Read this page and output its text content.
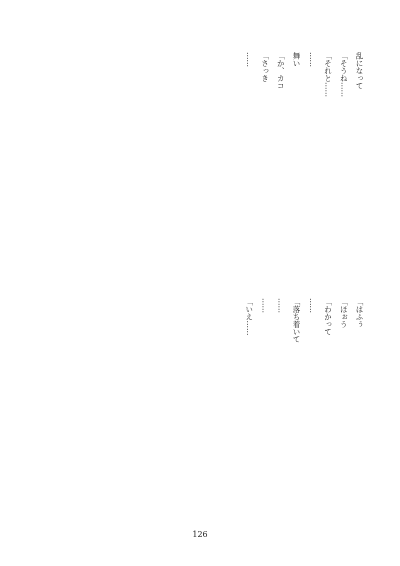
乱になって
「そうね……
「それと……
……
舞い
「か、カコ
「さっき
……
「はふぅ
「ほぉう
「わかって
……
「落ち着いて
……
……
「いえ……
126
